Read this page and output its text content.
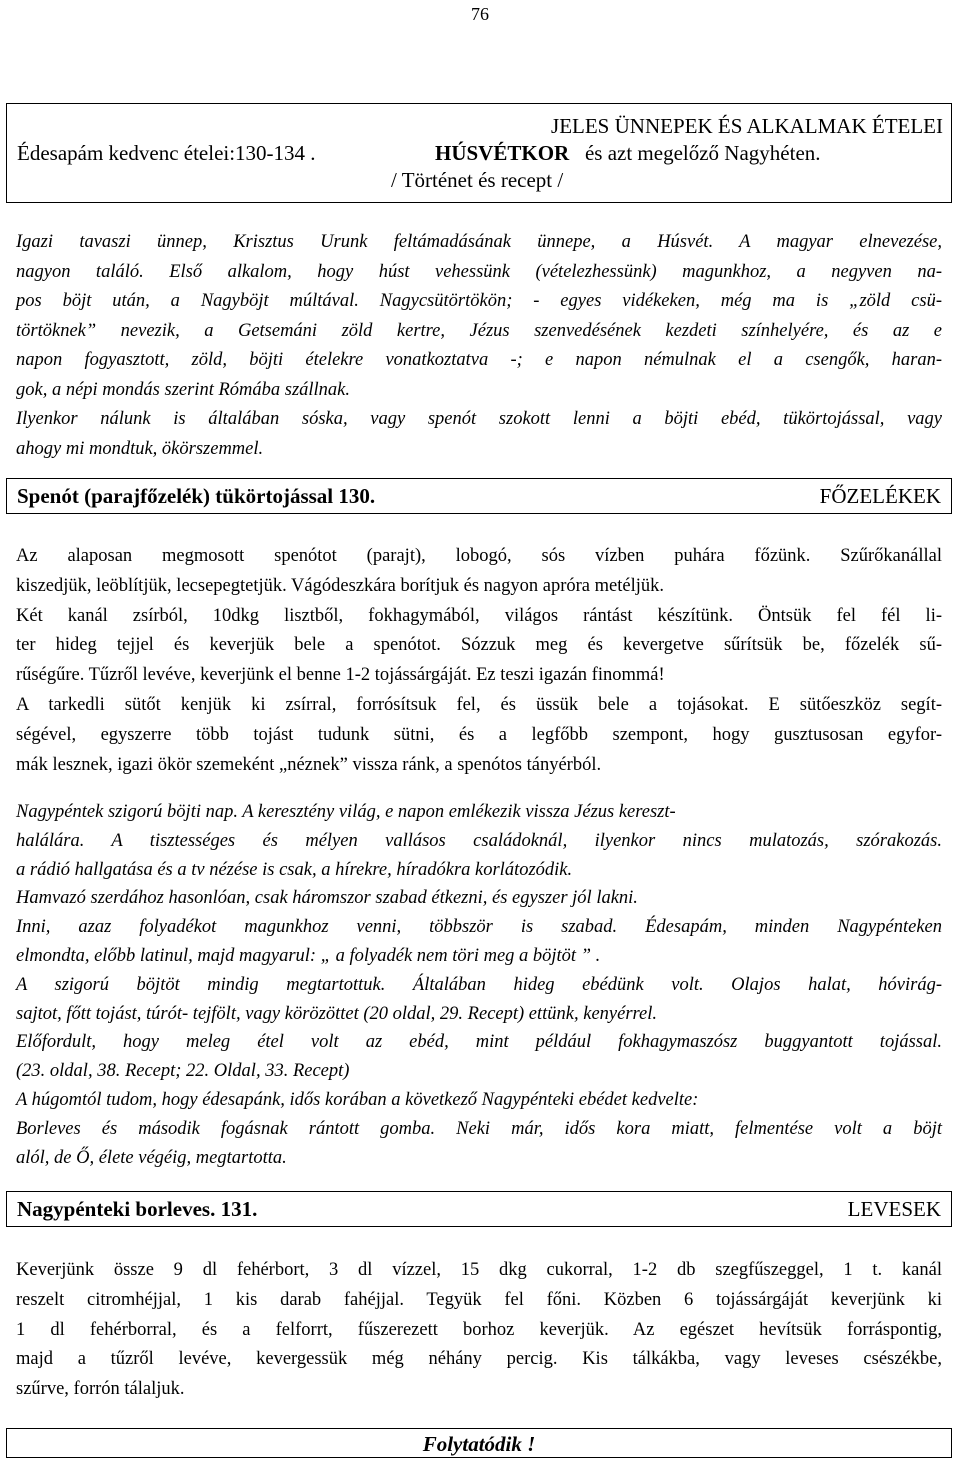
76
JELES ÜNNEPEK ÉS ALKALMAK ÉTELEI
Édesapám kedvenc ételei:130-134 .	HÚSVÉTKOR és azt megelőző Nagyhéten.
/ Történet és recept /
Igazi tavaszi ünnep, Krisztus Urunk feltámadásának ünnepe, a Húsvét. A magyar elnevezése,
nagyon találó. Első alkalom, hogy húst vehessünk (vételezhessünk) magunkhoz, a negyven na-
pos böjt után, a Nagyböjt múltával. Nagycsütörtökön; - egyes vidékeken, még ma is „zöld csü-
törtöknek” nevezik, a Getsemáni zöld kertre, Jézus szenvedésének kezdeti színhelyére, és az e
napon fogyasztott, zöld, böjti ételekre vonatkoztatva -; e napon némulnak el a csengők, haran-
gok, a népi mondás szerint Rómába szállnak.
Ilyenkor nálunk is általában sóska, vagy spenót szokott lenni a böjti ebéd, tükörtojással, vagy
ahogy mi mondtuk, ökörszemmel.
Spenót (parajfőzelék) tükörtojással 130.	FŐZELÉKEK
Az alaposan megmosott spenótot (parajt), lobogó, sós vízben puhára főzünk. Szűrőkanállal
kiszedjük, leöblítjük, lecsepegtetjük. Vágódeszkára borítjuk és nagyon apróra metéljük.
Két kanál zsírból, 10dkg lisztből, fokhagymából, világos rántást készítünk. Öntsük fel fél li-
ter hideg tejjel és keverjük bele a spenótot. Sózzuk meg és kevergetve sűrítsük be, főzelék sű-
rűségűre. Tűzről levéve, keverjünk el benne 1-2 tojássárgáját. Ez teszi igazán finommá!
A tarkedli sütőt kenjük ki zsírral, forrósítsuk fel, és üssük bele a tojásokat. E sütőeszköz segít-
ségével, egyszerre több tojást tudunk sütni, és a legfőbb szempont, hogy gusztusosan egyfor-
mák lesznek, igazi ökör szemeként „néznek” vissza ránk, a spenótos tányérból.
Nagypéntek szigorú böjti nap. A keresztény világ, e napon emlékezik vissza Jézus kereszt-
halálára. A tisztességes és mélyen vallásos családoknál, ilyenkor nincs mulatozás, szórakozás.
a rádió hallgatása és a tv nézése is csak, a hírekre, híradókra korlátozódik.
Hamvazó szerdához hasonlóan, csak háromszor szabad étkezni, és egyszer jól lakni.
Inni, azaz folyadékot magunkhoz venni, többször is szabad. Édesapám, minden Nagypénteken
elmondta, előbb latinul, majd magyarul: „ a folyadék nem töri meg a böjtöt ” .
A szigorú böjtöt mindig megtartottuk. Általában hideg ebédünk volt. Olajos halat, hóvirág-
sajtot, főtt tojást, túrót- tejfölt, vagy körözöttet (20 oldal, 29. Recept) ettünk, kenyérrel.
Előfordult, hogy meleg étel volt az ebéd, mint például fokhagymaszósz buggyantott tojással.
(23. oldal, 38. Recept; 22. Oldal, 33. Recept)
A húgomtól tudom, hogy édesapánk, idős korában a következő Nagypénteki ebédet kedvelte:
Borleves és második fogásnak rántott gomba. Neki már, idős kora miatt, felmentése volt a böjt
alól, de Ő, élete végéig, megtartotta.
Nagypénteki borleves. 131.	LEVESEK
Keverjünk össze 9 dl fehérbort, 3 dl vízzel, 15 dkg cukorral, 1-2 db szegfűszeggel, 1 t. kanál
reszelt citromhéjjal, 1 kis darab fahéjjal. Tegyük fel főni. Közben 6 tojássárgáját keverjünk ki
1 dl fehérborral, és a felforrt, fűszerezett borhoz keverjük. Az egészet hevítsük forráspontig,
majd a tűzről levéve, kevergessük még néhány percig. Kis tálkákba, vagy leveses csészékbe,
szűrve, forrón tálaljuk.
Folytatódik !
